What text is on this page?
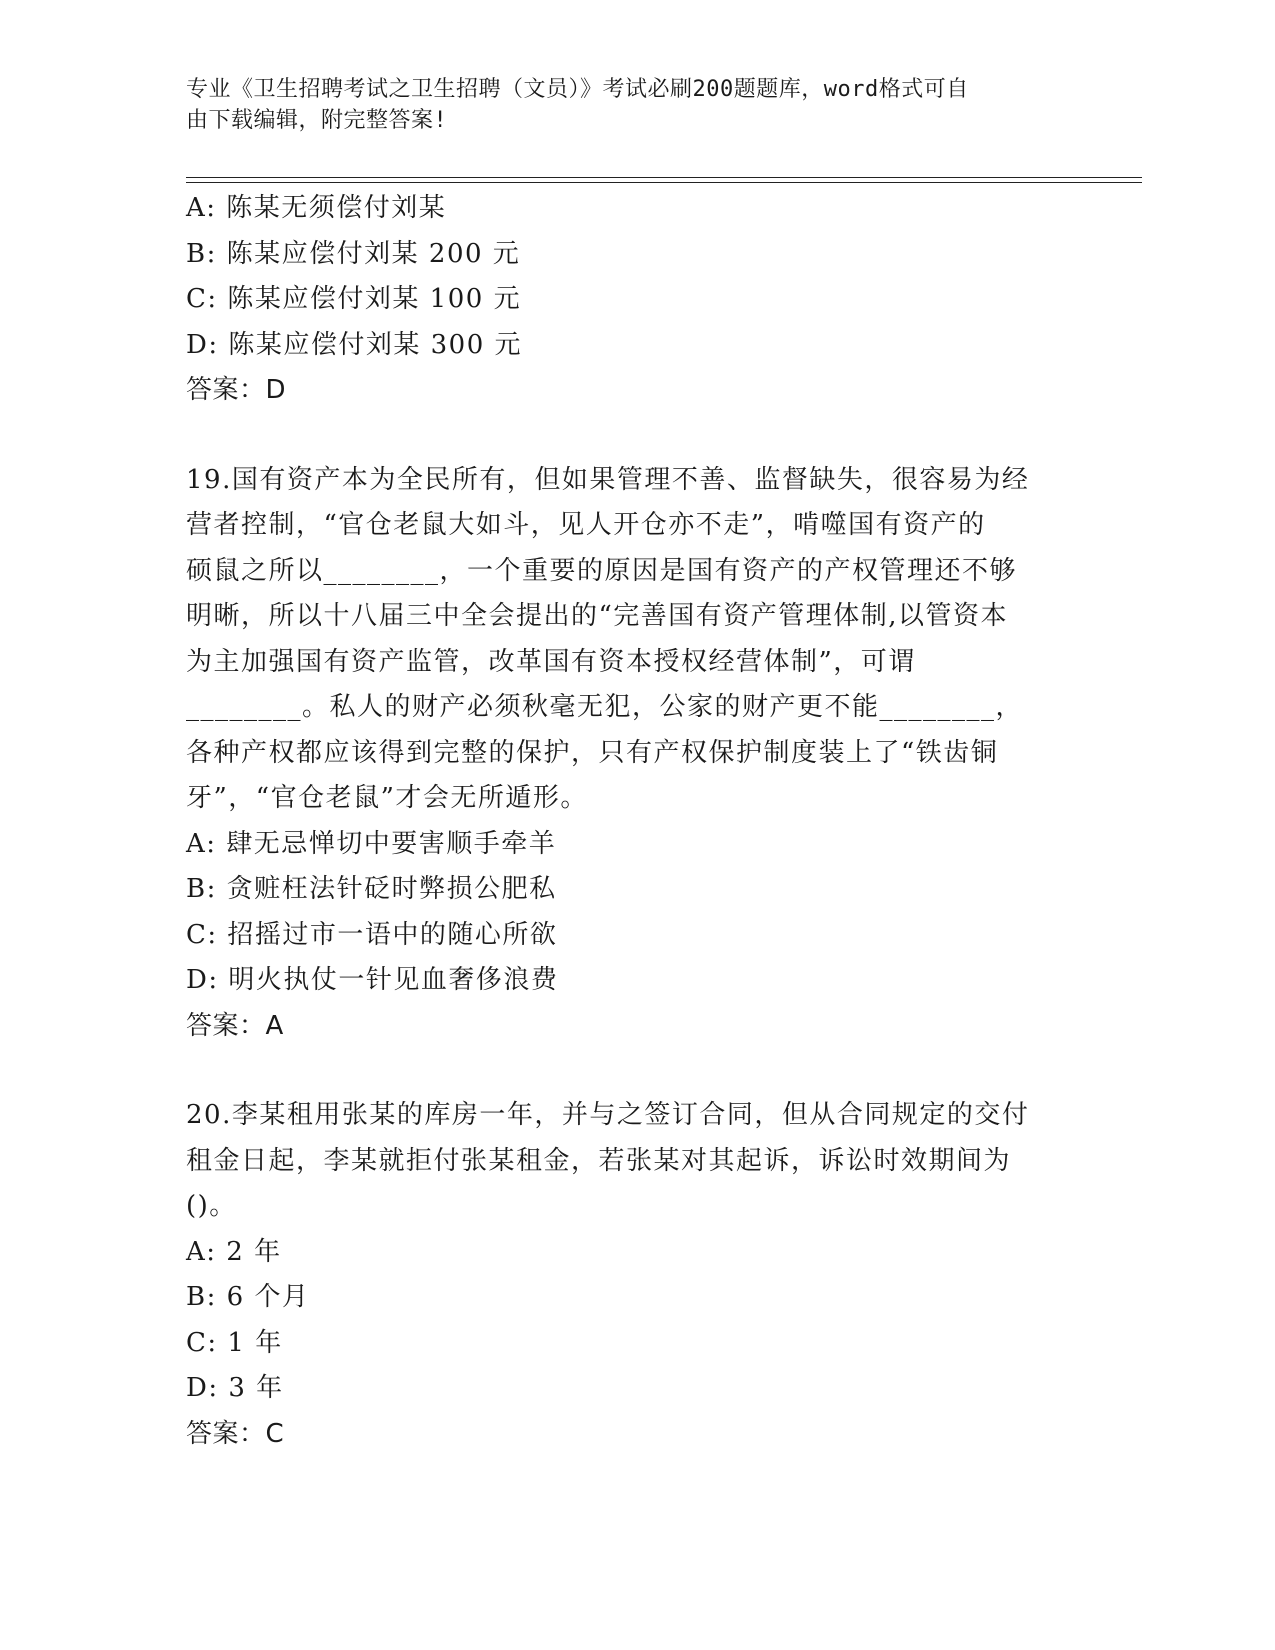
专业《卫生招聘考试之卫生招聘（文员）》考试必刷200题题库，word格式可自
由下载编辑，附完整答案!
A: 陈某无须偿付刘某
B: 陈某应偿付刘某 200 元
C: 陈某应偿付刘某 100 元
D: 陈某应偿付刘某 300 元
答案：D
19.国有资产本为全民所有，但如果管理不善、监督缺失，很容易为经
营者控制，“官仓老鼠大如斗，见人开仓亦不走”，啃噬国有资产的
硕鼠之所以________，一个重要的原因是国有资产的产权管理还不够
明晰，所以十八届三中全会提出的“完善国有资产管理体制,以管资本
为主加强国有资产监管，改革国有资本授权经营体制”，可谓
________。私人的财产必须秋毫无犯，公家的财产更不能________，
各种产权都应该得到完整的保护，只有产权保护制度装上了“铁齿铜
牙”，“官仓老鼠”才会无所遁形。
A: 肆无忌惮切中要害顺手牵羊
B: 贪赃枉法针砭时弊损公肥私
C: 招摇过市一语中的随心所欲
D: 明火执仗一针见血奢侈浪费
答案：A
20.李某租用张某的库房一年，并与之签订合同，但从合同规定的交付
租金日起，李某就拒付张某租金，若张某对其起诉，诉讼时效期间为
()。
A: 2 年
B: 6 个月
C: 1 年
D: 3 年
答案：C
